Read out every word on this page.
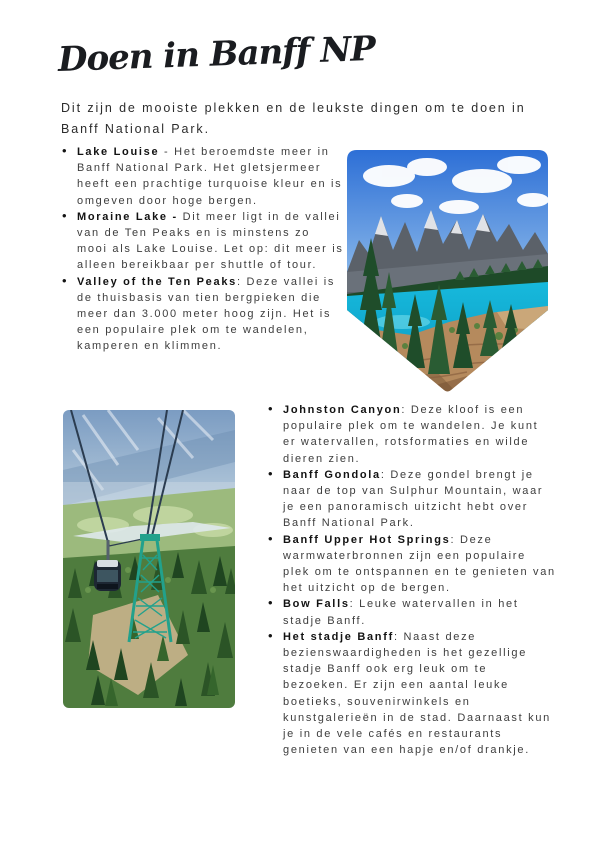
Doen in Banff NP
Dit zijn de mooiste plekken en de leukste dingen om te doen in Banff National Park.
• Lake Louise - Het beroemdste meer in Banff National Park. Het gletsjermeer heeft een prachtige turquoise kleur en is omgeven door hoge bergen.
• Moraine Lake - Dit meer ligt in de vallei van de Ten Peaks en is minstens zo mooi als Lake Louise. Let op: dit meer is alleen bereikbaar per shuttle of tour.
• Valley of the Ten Peaks: Deze vallei is de thuisbasis van tien bergpieken die meer dan 3.000 meter hoog zijn. Het is een populaire plek om te wandelen, kamperen en klimmen.
• Johnston Canyon: Deze kloof is een populaire plek om te wandelen. Je kunt er watervallen, rotsformaties en wilde dieren zien.
• Banff Gondola: Deze gondel brengt je naar de top van Sulphur Mountain, waar je een panoramisch uitzicht hebt over Banff National Park.
• Banff Upper Hot Springs: Deze warmwaterbronnen zijn een populaire plek om te ontspannen en te genieten van het uitzicht op de bergen.
• Bow Falls: Leuke watervallen in het stadje Banff.
• Het stadje Banff: Naast deze bezienswaardigheden is het gezellige stadje Banff ook erg leuk om te bezoeken. Er zijn een aantal leuke boetieks, souvenirwinkels en kunstgalerieën in de stad. Daarnaast kun je in de vele cafés en restaurants genieten van een hapje en/of drankje.
